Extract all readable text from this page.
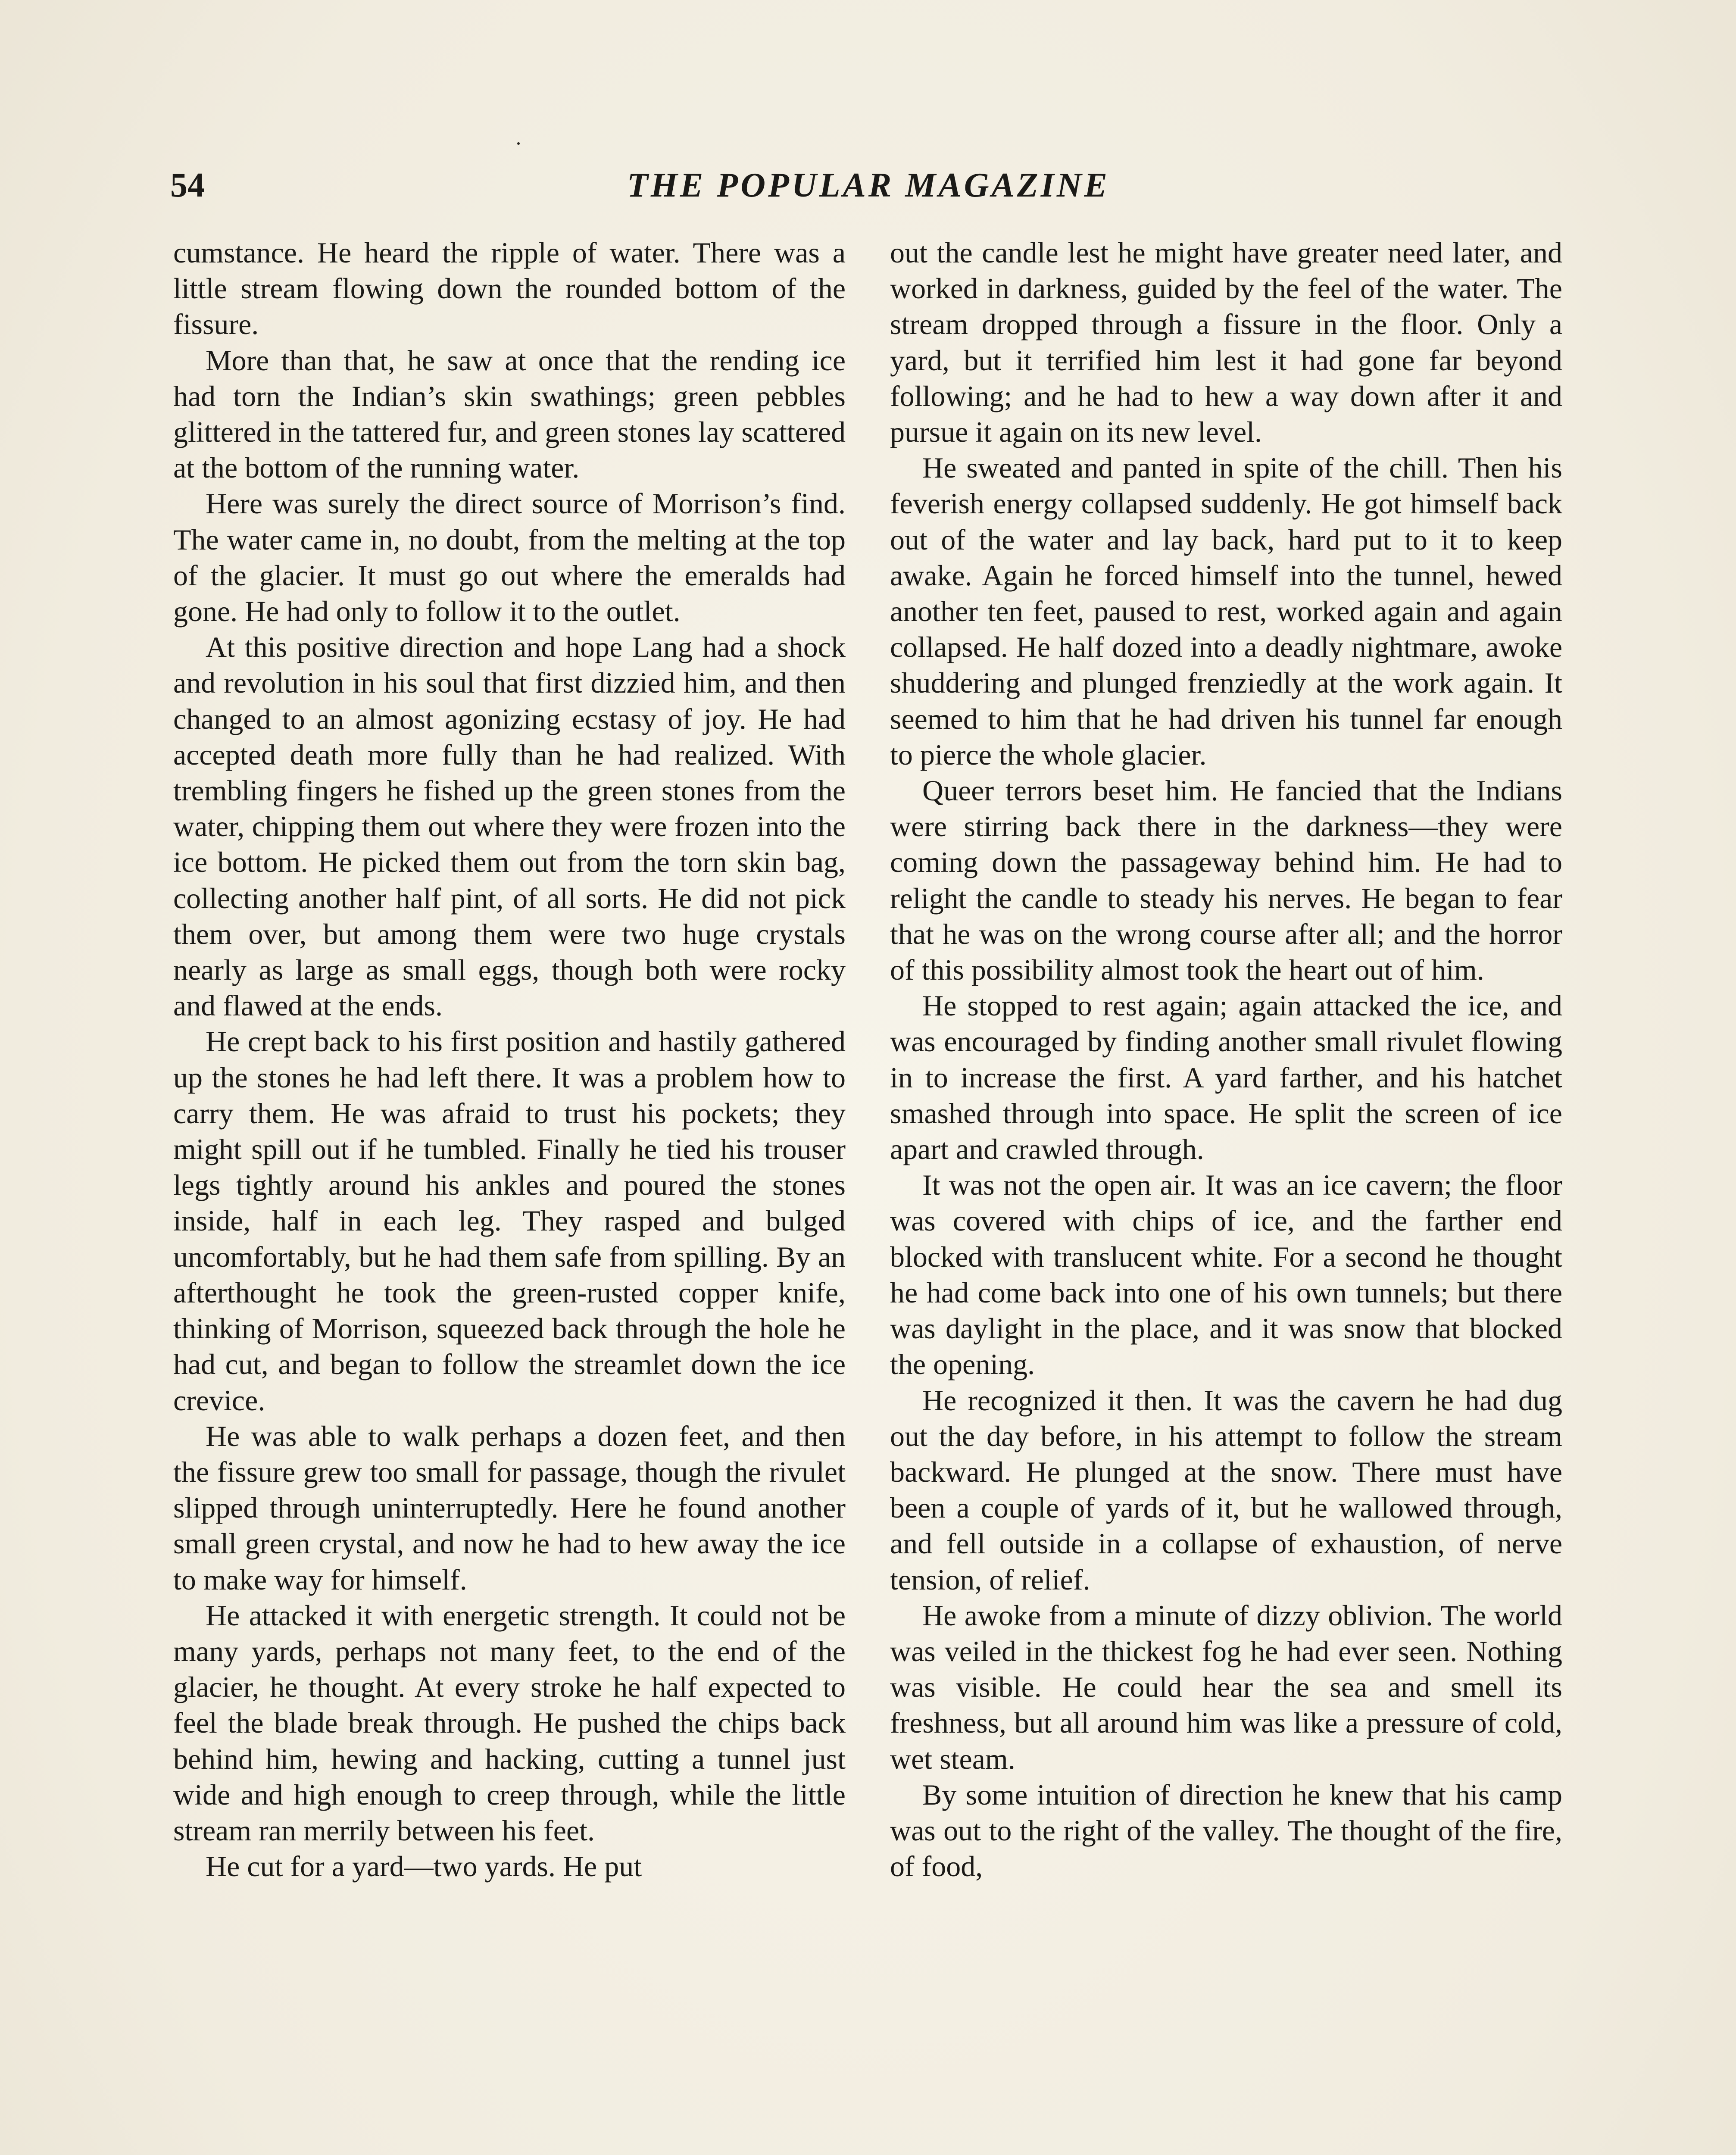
54	THE POPULAR MAGAZINE

cumstance. He heard the ripple of water. There was a little stream flowing down the rounded bottom of the fissure.

More than that, he saw at once that the rending ice had torn the Indian’s skin swathings; green pebbles glittered in the tattered fur, and green stones lay scattered at the bottom of the running water.

Here was surely the direct source of Morrison’s find. The water came in, no doubt, from the melting at the top of the glacier. It must go out where the emeralds had gone. He had only to follow it to the outlet.

At this positive direction and hope Lang had a shock and revolution in his soul that first dizzied him, and then changed to an almost agonizing ecstasy of joy. He had accepted death more fully than he had realized. With trembling fingers he fished up the green stones from the water, chipping them out where they were frozen into the ice bottom. He picked them out from the torn skin bag, collecting another half pint, of all sorts. He did not pick them over, but among them were two huge crystals nearly as large as small eggs, though both were rocky and flawed at the ends.

He crept back to his first position and hastily gathered up the stones he had left there. It was a problem how to carry them. He was afraid to trust his pockets; they might spill out if he tumbled. Finally he tied his trouser legs tightly around his ankles and poured the stones inside, half in each leg. They rasped and bulged uncomfortably, but he had them safe from spilling. By an afterthought he took the green-rusted copper knife, thinking of Morrison, squeezed back through the hole he had cut, and began to follow the streamlet down the ice crevice.

He was able to walk perhaps a dozen feet, and then the fissure grew too small for passage, though the rivulet slipped through uninterruptedly. Here he found another small green crystal, and now he had to hew away the ice to make way for himself.

He attacked it with energetic strength. It could not be many yards, perhaps not many feet, to the end of the glacier, he thought. At every stroke he half expected to feel the blade break through. He pushed the chips back behind him, hewing and hacking, cutting a tunnel just wide and high enough to creep through, while the little stream ran merrily between his feet.

He cut for a yard—two yards. He put

out the candle lest he might have greater need later, and worked in darkness, guided by the feel of the water. The stream dropped through a fissure in the floor. Only a yard, but it terrified him lest it had gone far beyond following; and he had to hew a way down after it and pursue it again on its new level.

He sweated and panted in spite of the chill. Then his feverish energy collapsed suddenly. He got himself back out of the water and lay back, hard put to it to keep awake. Again he forced himself into the tunnel, hewed another ten feet, paused to rest, worked again and again collapsed. He half dozed into a deadly nightmare, awoke shuddering and plunged frenziedly at the work again. It seemed to him that he had driven his tunnel far enough to pierce the whole glacier.

Queer terrors beset him. He fancied that the Indians were stirring back there in the darkness—they were coming down the passageway behind him. He had to relight the candle to steady his nerves. He began to fear that he was on the wrong course after all; and the horror of this possibility almost took the heart out of him.

He stopped to rest again; again attacked the ice, and was encouraged by finding another small rivulet flowing in to increase the first. A yard farther, and his hatchet smashed through into space. He split the screen of ice apart and crawled through.

It was not the open air. It was an ice cavern; the floor was covered with chips of ice, and the farther end blocked with translucent white. For a second he thought he had come back into one of his own tunnels; but there was daylight in the place, and it was snow that blocked the opening.

He recognized it then. It was the cavern he had dug out the day before, in his attempt to follow the stream backward. He plunged at the snow. There must have been a couple of yards of it, but he wallowed through, and fell outside in a collapse of exhaustion, of nerve tension, of relief.

He awoke from a minute of dizzy oblivion. The world was veiled in the thickest fog he had ever seen. Nothing was visible. He could hear the sea and smell its freshness, but all around him was like a pressure of cold, wet steam.

By some intuition of direction he knew that his camp was out to the right of the valley. The thought of the fire, of food,
